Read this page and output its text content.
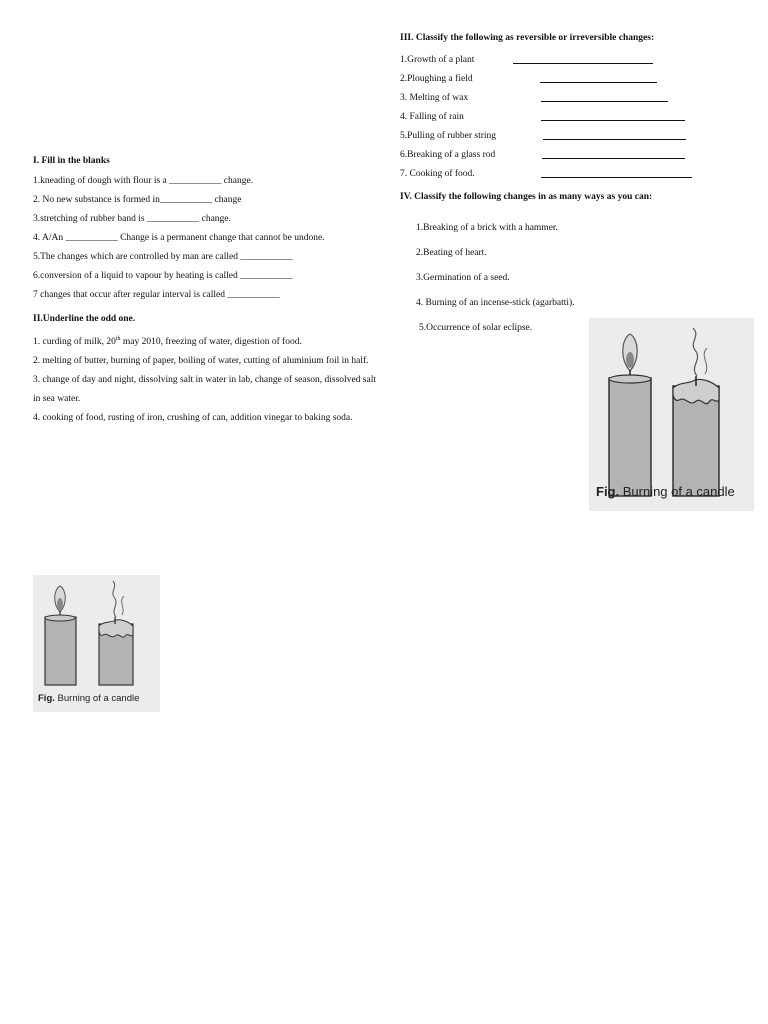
I. Fill in the blanks
1.kneading of dough with flour is a ___________ change.
2. No new substance is formed in___________ change
3.stretching of rubber band is ___________ change.
4. A/An ___________ Change is a permanent change that cannot be undone.
5.The changes which are controlled by man are called ___________
6.conversion of a liquid to vapour by heating is called ___________
7 changes that occur after regular interval is called ___________
II.Underline the odd one.
1. curding of milk, 20th may 2010, freezing of water, digestion of food.
2. melting of butter, burning of paper, boiling of water, cutting of aluminium foil in half.
3. change of day and night, dissolving salt in water in lab, change of season, dissolved salt in sea water.
4. cooking of food, rusting of iron, crushing of can, addition vinegar to baking soda.
III. Classify the following as reversible or irreversible changes:
1.Growth of a plant
2.Ploughing a field
3. Melting of wax
4. Falling of rain
5.Pulling of rubber string
6.Breaking of a glass rod
7. Cooking of food.
IV. Classify the following changes in as many ways as you can:
1.Breaking of a brick with a hammer.
2.Beating of heart.
3.Germination of a seed.
4. Burning of an incense-stick (agarbatti).
5.Occurrence of solar eclipse.
Fig. Burning of a candle
Fig. Burning of a candle
